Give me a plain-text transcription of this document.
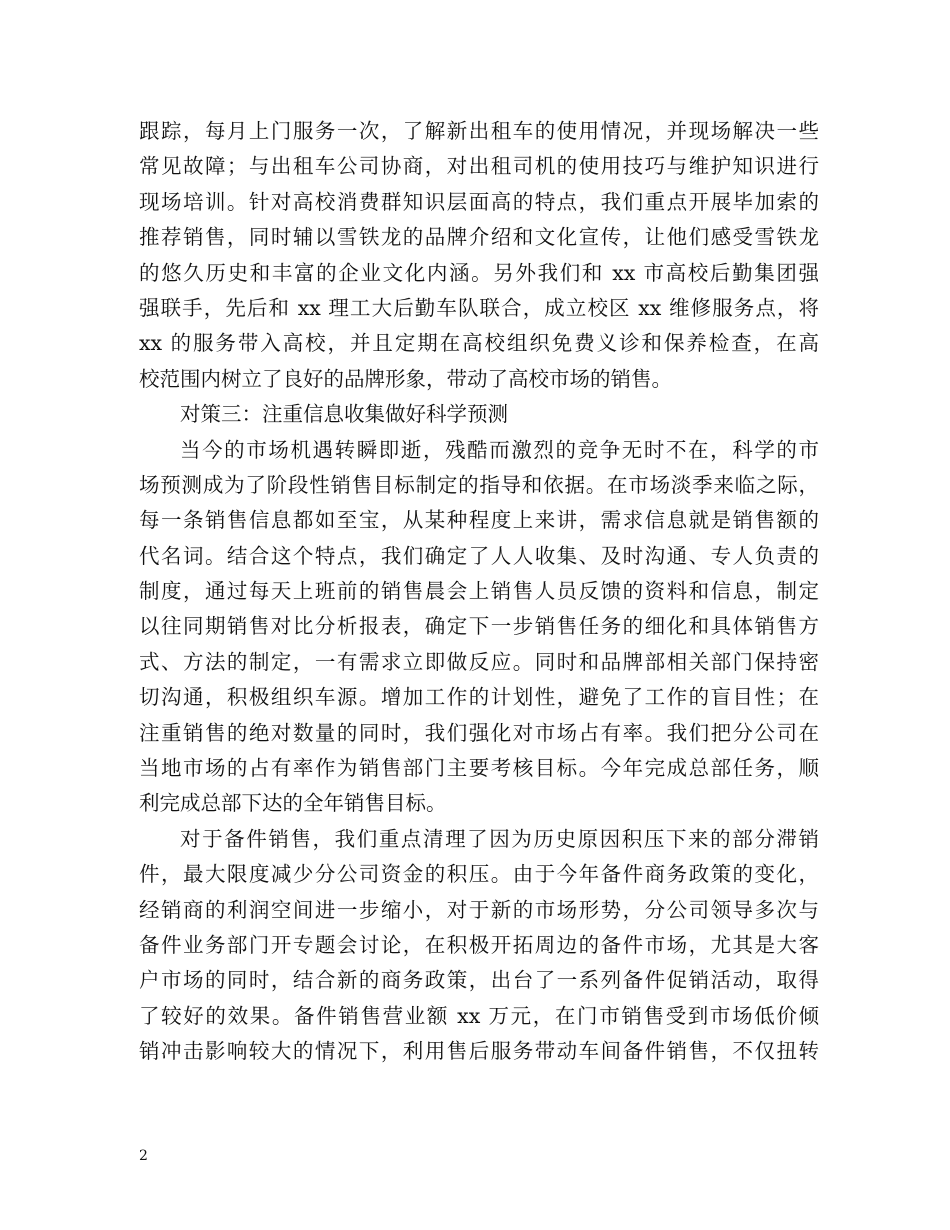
跟踪，每月上门服务一次，了解新出租车的使用情况，并现场解决一些
常见故障；与出租车公司协商，对出租司机的使用技巧与维护知识进行
现场培训。针对高校消费群知识层面高的特点，我们重点开展毕加索的
推荐销售，同时辅以雪铁龙的品牌介绍和文化宣传，让他们感受雪铁龙
的悠久历史和丰富的企业文化内涵。另外我们和 xx 市高校后勤集团强
强联手，先后和 xx 理工大后勤车队联合，成立校区 xx 维修服务点，将
xx 的服务带入高校，并且定期在高校组织免费义诊和保养检查，在高
校范围内树立了良好的品牌形象，带动了高校市场的销售。
对策三：注重信息收集做好科学预测
当今的市场机遇转瞬即逝，残酷而激烈的竞争无时不在，科学的市
场预测成为了阶段性销售目标制定的指导和依据。在市场淡季来临之际，
每一条销售信息都如至宝，从某种程度上来讲，需求信息就是销售额的
代名词。结合这个特点，我们确定了人人收集、及时沟通、专人负责的
制度，通过每天上班前的销售晨会上销售人员反馈的资料和信息，制定
以往同期销售对比分析报表，确定下一步销售任务的细化和具体销售方
式、方法的制定，一有需求立即做反应。同时和品牌部相关部门保持密
切沟通，积极组织车源。增加工作的计划性，避免了工作的盲目性；在
注重销售的绝对数量的同时，我们强化对市场占有率。我们把分公司在
当地市场的占有率作为销售部门主要考核目标。今年完成总部任务，顺
利完成总部下达的全年销售目标。
对于备件销售，我们重点清理了因为历史原因积压下来的部分滞销
件，最大限度减少分公司资金的积压。由于今年备件商务政策的变化，
经销商的利润空间进一步缩小，对于新的市场形势，分公司领导多次与
备件业务部门开专题会讨论，在积极开拓周边的备件市场，尤其是大客
户市场的同时，结合新的商务政策，出台了一系列备件促销活动，取得
了较好的效果。备件销售营业额 xx 万元，在门市销售受到市场低价倾
销冲击影响较大的情况下，利用售后服务带动车间备件销售，不仅扭转
2
